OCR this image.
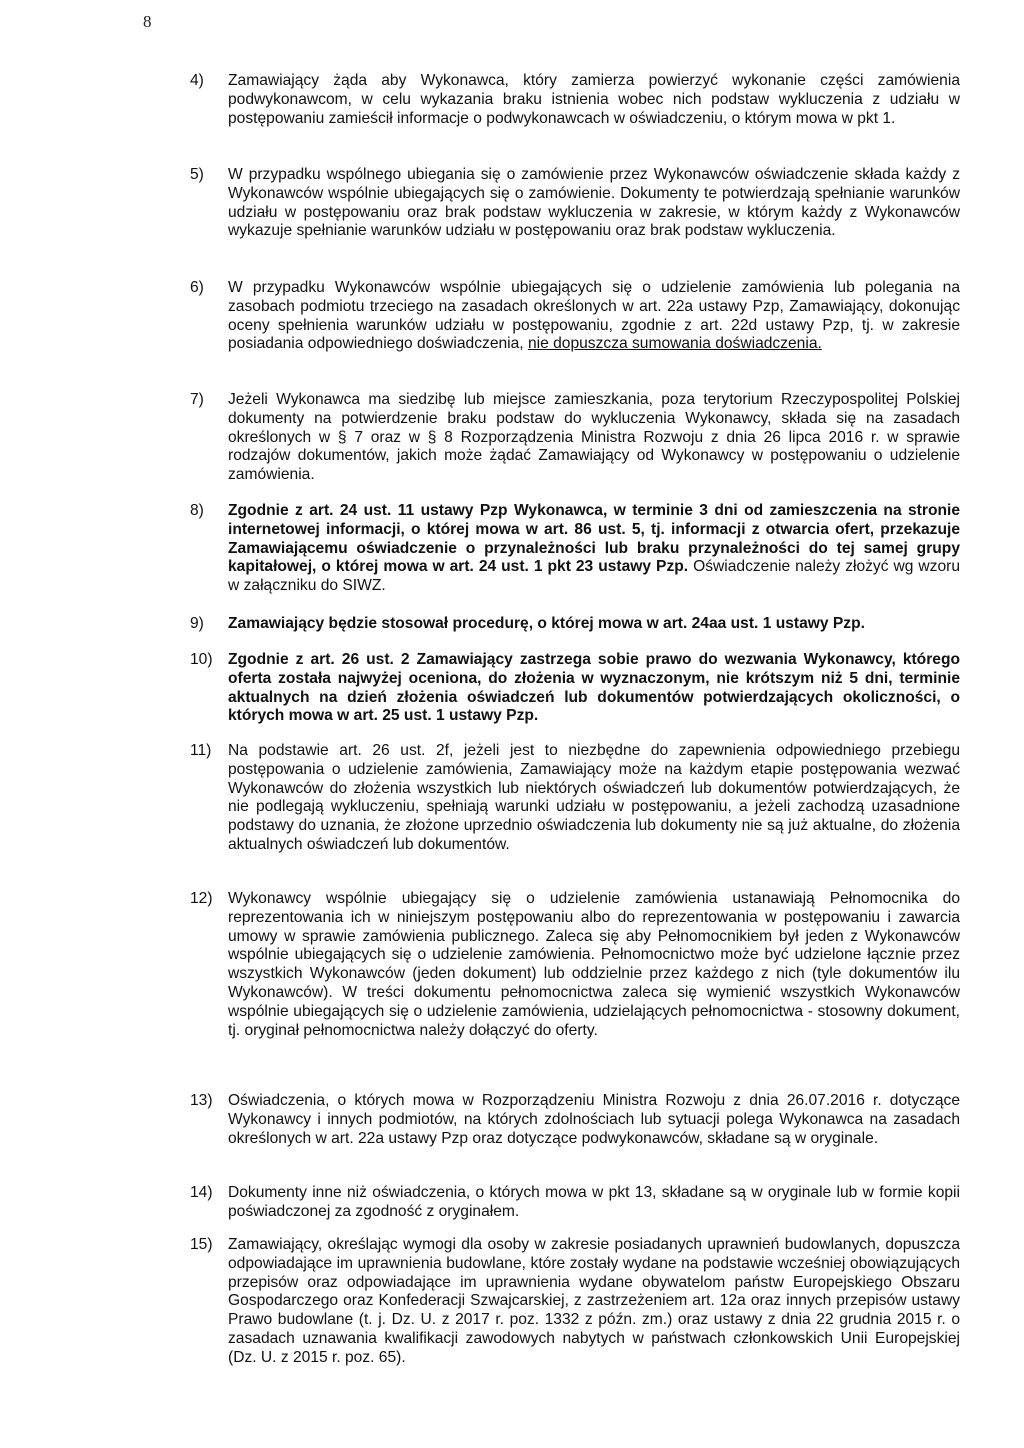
8
4) Zamawiający żąda aby Wykonawca, który zamierza powierzyć wykonanie części zamówienia podwykonawcom, w celu wykazania braku istnienia wobec nich podstaw wykluczenia z udziału w postępowaniu zamieścił informacje o podwykonawcach w oświadczeniu, o którym mowa w pkt 1.
5) W przypadku wspólnego ubiegania się o zamówienie przez Wykonawców oświadczenie składa każdy z Wykonawców wspólnie ubiegających się o zamówienie. Dokumenty te potwierdzają spełnianie warunków udziału w postępowaniu oraz brak podstaw wykluczenia w zakresie, w którym każdy z Wykonawców wykazuje spełnianie warunków udziału w postępowaniu oraz brak podstaw wykluczenia.
6) W przypadku Wykonawców wspólnie ubiegających się o udzielenie zamówienia lub polegania na zasobach podmiotu trzeciego na zasadach określonych w art. 22a ustawy Pzp, Zamawiający, dokonując oceny spełnienia warunków udziału w postępowaniu, zgodnie z art. 22d ustawy Pzp, tj. w zakresie posiadania odpowiedniego doświadczenia, nie dopuszcza sumowania doświadczenia.
7) Jeżeli Wykonawca ma siedzibę lub miejsce zamieszkania, poza terytorium Rzeczypospolitej Polskiej dokumenty na potwierdzenie braku podstaw do wykluczenia Wykonawcy, składa się na zasadach określonych w § 7 oraz w § 8 Rozporządzenia Ministra Rozwoju z dnia 26 lipca 2016 r. w sprawie rodzajów dokumentów, jakich może żądać Zamawiający od Wykonawcy w postępowaniu o udzielenie zamówienia.
8) Zgodnie z art. 24 ust. 11 ustawy Pzp Wykonawca, w terminie 3 dni od zamieszczenia na stronie internetowej informacji, o której mowa w art. 86 ust. 5, tj. informacji z otwarcia ofert, przekazuje Zamawiającemu oświadczenie o przynależności lub braku przynależności do tej samej grupy kapitałowej, o której mowa w art. 24 ust. 1 pkt 23 ustawy Pzp. Oświadczenie należy złożyć wg wzoru w załączniku do SIWZ.
9) Zamawiający będzie stosował procedurę, o której mowa w art. 24aa ust. 1 ustawy Pzp.
10) Zgodnie z art. 26 ust. 2 Zamawiający zastrzega sobie prawo do wezwania Wykonawcy, którego oferta została najwyżej oceniona, do złożenia w wyznaczonym, nie krótszym niż 5 dni, terminie aktualnych na dzień złożenia oświadczeń lub dokumentów potwierdzających okoliczności, o których mowa w art. 25 ust. 1 ustawy Pzp.
11) Na podstawie art. 26 ust. 2f, jeżeli jest to niezbędne do zapewnienia odpowiedniego przebiegu postępowania o udzielenie zamówienia, Zamawiający może na każdym etapie postępowania wezwać Wykonawców do złożenia wszystkich lub niektórych oświadczeń lub dokumentów potwierdzających, że nie podlegają wykluczeniu, spełniają warunki udziału w postępowaniu, a jeżeli zachodzą uzasadnione podstawy do uznania, że złożone uprzednio oświadczenia lub dokumenty nie są już aktualne, do złożenia aktualnych oświadczeń lub dokumentów.
12) Wykonawcy wspólnie ubiegający się o udzielenie zamówienia ustanawiają Pełnomocnika do reprezentowania ich w niniejszym postępowaniu albo do reprezentowania w postępowaniu i zawarcia umowy w sprawie zamówienia publicznego. Zaleca się aby Pełnomocnikiem był jeden z Wykonawców wspólnie ubiegających się o udzielenie zamówienia. Pełnomocnictwo może być udzielone łącznie przez wszystkich Wykonawców (jeden dokument) lub oddzielnie przez każdego z nich (tyle dokumentów ilu Wykonawców). W treści dokumentu pełnomocnictwa zaleca się wymienić wszystkich Wykonawców wspólnie ubiegających się o udzielenie zamówienia, udzielających pełnomocnictwa - stosowny dokument, tj. oryginał pełnomocnictwa należy dołączyć do oferty.
13) Oświadczenia, o których mowa w Rozporządzeniu Ministra Rozwoju z dnia 26.07.2016 r. dotyczące Wykonawcy i innych podmiotów, na których zdolnościach lub sytuacji polega Wykonawca na zasadach określonych w art. 22a ustawy Pzp oraz dotyczące podwykonawców, składane są w oryginale.
14) Dokumenty inne niż oświadczenia, o których mowa w pkt 13, składane są w oryginale lub w formie kopii poświadczonej za zgodność z oryginałem.
15) Zamawiający, określając wymogi dla osoby w zakresie posiadanych uprawnień budowlanych, dopuszcza odpowiadające im uprawnienia budowlane, które zostały wydane na podstawie wcześniej obowiązujących przepisów oraz odpowiadające im uprawnienia wydane obywatelom państw Europejskiego Obszaru Gospodarczego oraz Konfederacji Szwajcarskiej, z zastrzeżeniem art. 12a oraz innych przepisów ustawy Prawo budowlane (t. j. Dz. U. z 2017 r. poz. 1332 z późn. zm.) oraz ustawy z dnia 22 grudnia 2015 r. o zasadach uznawania kwalifikacji zawodowych nabytych w państwach członkowskich Unii Europejskiej (Dz. U. z 2015 r. poz. 65).
